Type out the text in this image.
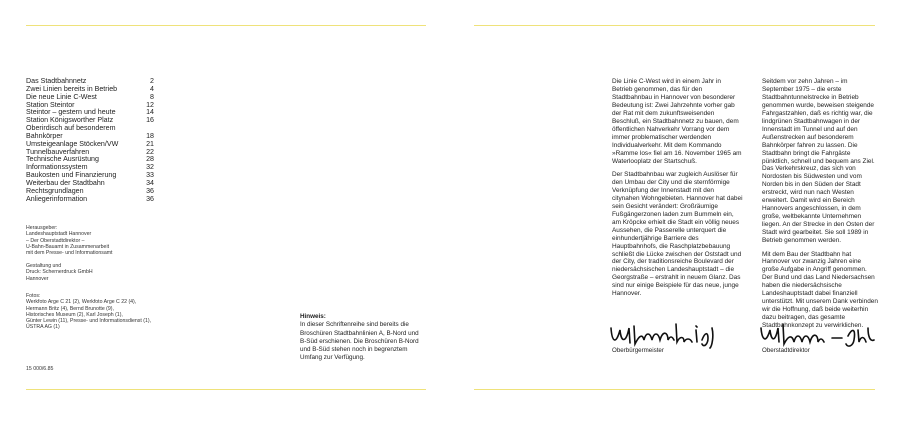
Das Stadtbahnnetz	2
Zwei Linien bereits in Betrieb	4
Die neue Linie C-West	8
Station Steintor	12
Steintor – gestern und heute	14
Station Königsworther Platz	16
Oberirdisch auf besonderem
Bahnkörper	18
Umsteigeanlage Stöcken/VW	21
Tunnelbauverfahren	22
Technische Ausrüstung	28
Informationssystem	32
Baukosten und Finanzierung	33
Weiterbau der Stadtbahn	34
Rechtsgrundlagen	36
Anliegerinformation	36
Herausgeber:
Landeshauptstadt Hannover
– Der Oberstadtdirektor –
U-Bahn-Bauamt in Zusammenarbeit
mit dem Presse- und Informationsamt
Gestaltung und
Druck: Schernerdruck GmbH
Hannover
Fotos:
Werkfoto Arge C 21 (2), Werkfoto Arge C 22 (4),
Hermann Britz (4), Bernd Brunotte (9),
Historisches Museum (2), Karl Joseph (1),
Günter Lewin (11), Presse- und Informationsdienst (1),
ÜSTRA AG (1)
15 000/6.85
Hinweis:
In dieser Schriftenreihe sind bereits die Broschüren Stadtbahnlinien A, B-Nord und B-Süd erschienen. Die Broschüren B-Nord und B-Süd stehen noch in begrenztem Umfang zur Verfügung.

Die Linie C-West wird in einem Jahr in Betrieb genommen, das für den Stadtbahnbau in Hannover von besonderer Bedeutung ist: Zwei Jahrzehnte vorher gab der Rat mit dem zukunftsweisenden Beschluß, ein Stadtbahnnetz zu bauen, dem öffentlichen Nahverkehr Vorrang vor dem immer problematischer werdenden Individualverkehr. Mit dem Kommando »Ramme los« fiel am 16. November 1965 am Waterlooplatz der Startschuß.

Der Stadtbahnbau war zugleich Auslöser für den Umbau der City und die sternförmige Verknüpfung der Innenstadt mit den citynahen Wohngebieten. Hannover hat dabei sein Gesicht verändert: Großräumige Fußgängerzonen laden zum Bummeln ein, am Kröpcke erhielt die Stadt ein völlig neues Aussehen, die Passerelle unterquert die einhundertjährige Barriere des Hauptbahnhofs, die Raschplatzbebauung schließt die Lücke zwischen der Oststadt und der City, der traditionsreiche Boulevard der niedersächsischen Landeshauptstadt – die Georgstraße – erstrahlt in neuem Glanz. Das sind nur einige Beispiele für das neue, junge Hannover.

Seitdem vor zehn Jahren – im September 1975 – die erste Stadtbahntunnelstrecke in Betrieb genommen wurde, beweisen steigende Fahrgastzahlen, daß es richtig war, die lindgrünen Stadtbahnwagen in der Innenstadt im Tunnel und auf den Außenstrecken auf besonderem Bahnkörper fahren zu lassen. Die Stadtbahn bringt die Fahrgäste pünktlich, schnell und bequem ans Ziel. Das Verkehrskreuz, das sich von Nordosten bis Südwesten und vom Norden bis in den Süden der Stadt erstreckt, wird nun nach Westen erweitert. Damit wird ein Bereich Hannovers angeschlossen, in dem große, weltbekannte Unternehmen liegen. An der Strecke in den Osten der Stadt wird gearbeitet. Sie soll 1989 in Betrieb genommen werden.

Mit dem Bau der Stadtbahn hat Hannover vor zwanzig Jahren eine große Aufgabe in Angriff genommen. Der Bund und das Land Niedersachsen haben die niedersächsische Landeshauptstadt dabei finanziell unterstützt. Mit unserem Dank verbinden wir die Hoffnung, daß beide weiterhin dazu beitragen, das gesamte Stadtbahnkonzept zu verwirklichen.

Oberbürgermeister	Oberstadtdirektor
